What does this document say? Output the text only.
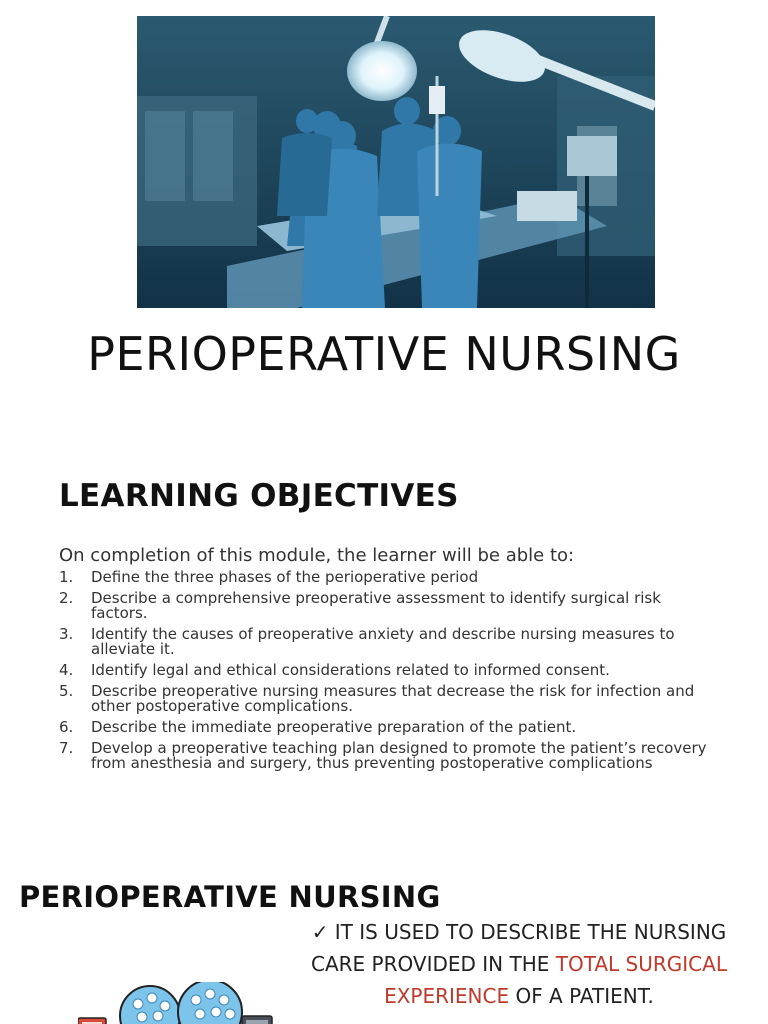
PERIOPERATIVE NURSING
LEARNING OBJECTIVES

On completion of this module, the learner will be able to:

1.	Define the three phases of the perioperative period
2.	Describe a comprehensive preoperative assessment to identify surgical risk factors.
3.	Identify the causes of preoperative anxiety and describe nursing measures to alleviate it.
4.	Identify legal and ethical considerations related to informed consent.
5.	Describe preoperative nursing measures that decrease the risk for infection and other postoperative complications.
6.	Describe the immediate preoperative preparation of the patient.
7.	Develop a preoperative teaching plan designed to promote the patient’s recovery from anesthesia and surgery, thus preventing postoperative complications
PERIOPERATIVE NURSING

✓ IT IS USED TO DESCRIBE THE NURSING CARE PROVIDED IN THE TOTAL SURGICAL EXPERIENCE OF A PATIENT.
